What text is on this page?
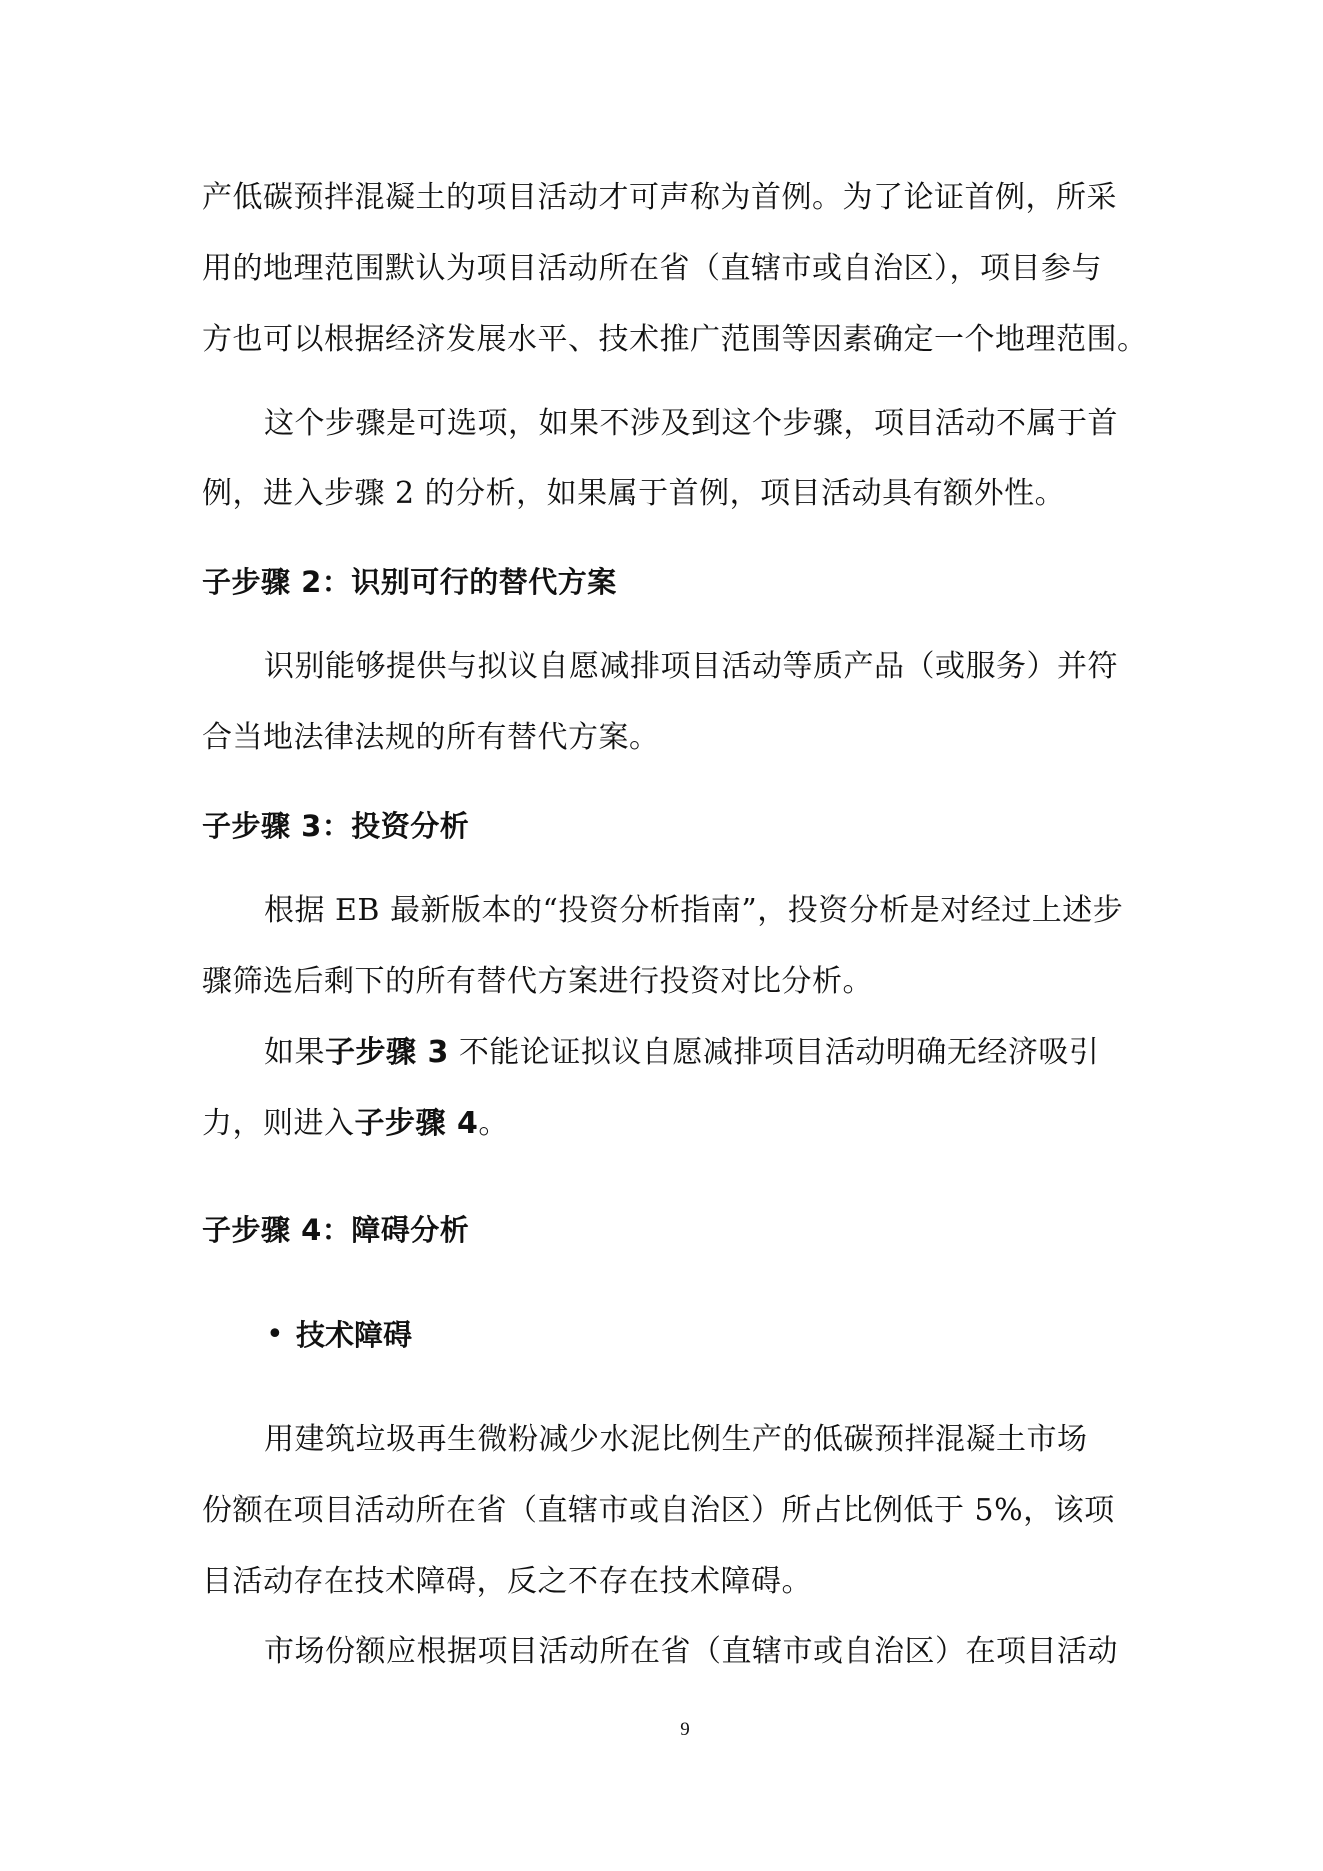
产低碳预拌混凝土的项目活动才可声称为首例。为了论证首例，所采
用的地理范围默认为项目活动所在省（直辖市或自治区），项目参与
方也可以根据经济发展水平、技术推广范围等因素确定一个地理范围。
这个步骤是可选项，如果不涉及到这个步骤，项目活动不属于首
例，进入步骤 2 的分析，如果属于首例，项目活动具有额外性。
子步骤 2：识别可行的替代方案
识别能够提供与拟议自愿减排项目活动等质产品（或服务）并符
合当地法律法规的所有替代方案。
子步骤 3：投资分析
根据 EB 最新版本的“投资分析指南”，投资分析是对经过上述步
骤筛选后剩下的所有替代方案进行投资对比分析。
如果子步骤 3 不能论证拟议自愿减排项目活动明确无经济吸引
力，则进入子步骤 4。
子步骤 4：障碍分析
• 技术障碍
用建筑垃圾再生微粉减少水泥比例生产的低碳预拌混凝土市场
份额在项目活动所在省（直辖市或自治区）所占比例低于 5%，该项
目活动存在技术障碍，反之不存在技术障碍。
市场份额应根据项目活动所在省（直辖市或自治区）在项目活动
9
